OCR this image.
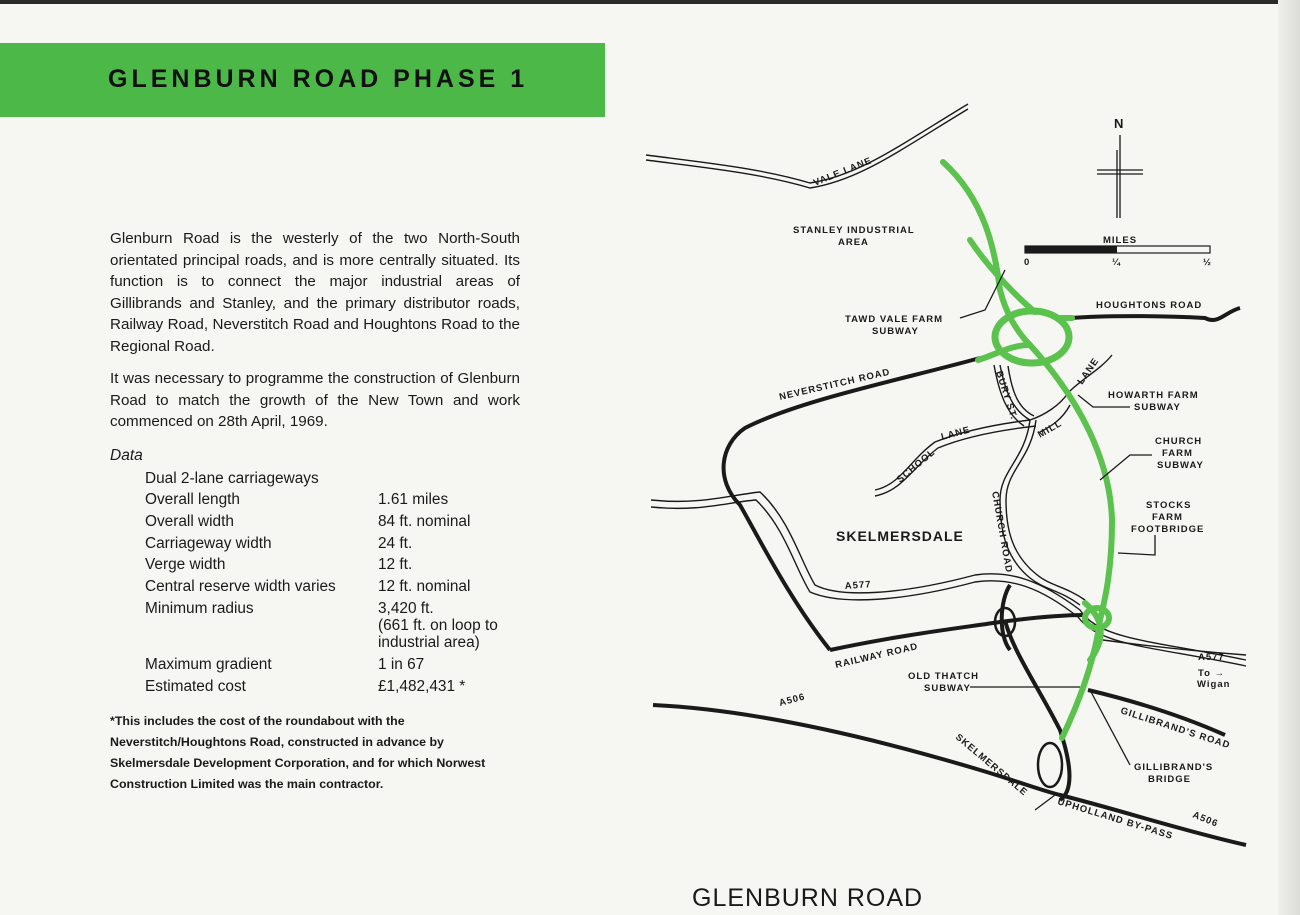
GLENBURN ROAD PHASE 1

Glenburn Road is the westerly of the two North-South orientated principal roads, and is more centrally situated. Its function is to connect the major industrial areas of Gillibrands and Stanley, and the primary distributor roads, Railway Road, Neverstitch Road and Houghtons Road to the Regional Road.

It was necessary to programme the construction of Glenburn Road to match the growth of the New Town and work commenced on 28th April, 1969.

Data
Dual 2-lane carriageways
Overall length	1.61 miles
Overall width	84 ft. nominal
Carriageway width	24 ft.
Verge width	12 ft.
Central reserve width varies	12 ft. nominal
Minimum radius	3,420 ft.
(661 ft. on loop to
industrial area)
Maximum gradient	1 in 67
Estimated cost	£1,482,431 *

*This includes the cost of the roundabout with the Neverstitch/Houghtons Road, constructed in advance by Skelmersdale Development Corporation, and for which Norwest Construction Limited was the main contractor.

N
MILES
0	¼	½
VALE LANE
STANLEY INDUSTRIAL
AREA
HOUGHTONS ROAD
TAWD VALE FARM
SUBWAY
NEVERSTITCH ROAD	BURY ST.
MILL
LANE
HOWARTH FARM
SUBWAY
CHURCH
FARM
SUBWAY
SCHOOL
LANE
STOCKS
FARM
FOOTBRIDGE
SKELMERSDALE	CHURCH ROAD
A577
A577
To →
Wigan
RAILWAY ROAD
OLD THATCH
SUBWAY
A506
GILLIBRAND'S ROAD
SKELMERSDALE	GILLIBRAND'S
BRIDGE
UPHOLLAND BY-PASS A506
GLENBURN ROAD
